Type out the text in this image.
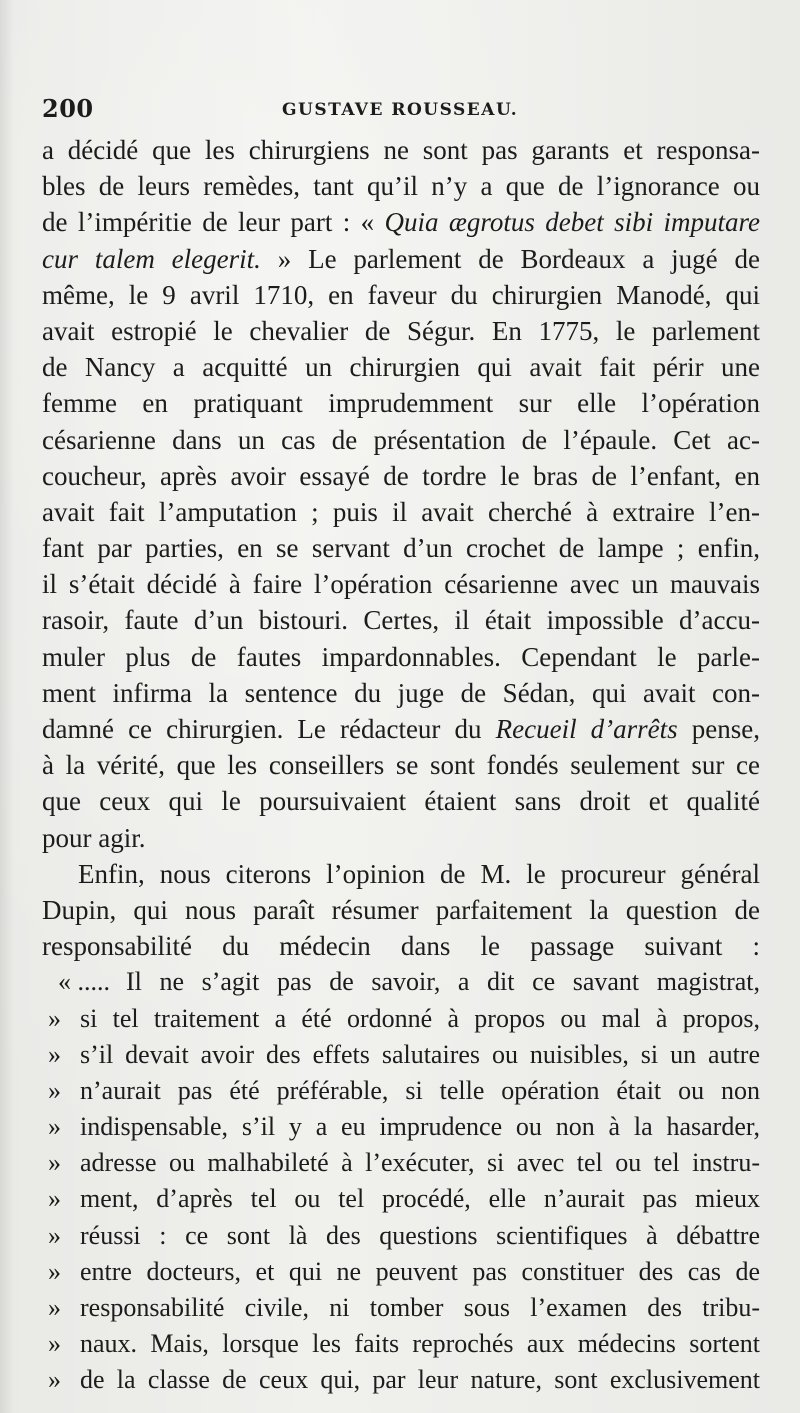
200	GUSTAVE ROUSSEAU.
a décidé que les chirurgiens ne sont pas garants et responsa-
bles de leurs remèdes, tant qu’il n’y a que de l’ignorance ou
de l’impéritie de leur part : « Quia ægrotus debet sibi imputare
cur talem elegerit. » Le parlement de Bordeaux a jugé de
même, le 9 avril 1710, en faveur du chirurgien Manodé, qui
avait estropié le chevalier de Ségur. En 1775, le parlement
de Nancy a acquitté un chirurgien qui avait fait périr une
femme en pratiquant imprudemment sur elle l’opération
césarienne dans un cas de présentation de l’épaule. Cet ac-
coucheur, après avoir essayé de tordre le bras de l’enfant, en
avait fait l’amputation ; puis il avait cherché à extraire l’en-
fant par parties, en se servant d’un crochet de lampe ; enfin,
il s’était décidé à faire l’opération césarienne avec un mauvais
rasoir, faute d’un bistouri. Certes, il était impossible d’accu-
muler plus de fautes impardonnables. Cependant le parle-
ment infirma la sentence du juge de Sédan, qui avait con-
damné ce chirurgien. Le rédacteur du Recueil d’arrêts pense,
à la vérité, que les conseillers se sont fondés seulement sur ce
que ceux qui le poursuivaient étaient sans droit et qualité
pour agir.
Enfin, nous citerons l’opinion de M. le procureur général
Dupin, qui nous paraît résumer parfaitement la question de
responsabilité du médecin dans le passage suivant :
« ..... Il ne s’agit pas de savoir, a dit ce savant magistrat,
» si tel traitement a été ordonné à propos ou mal à propos,
» s’il devait avoir des effets salutaires ou nuisibles, si un autre
» n’aurait pas été préférable, si telle opération était ou non
» indispensable, s’il y a eu imprudence ou non à la hasarder,
» adresse ou malhabileté à l’exécuter, si avec tel ou tel instru-
» ment, d’après tel ou tel procédé, elle n’aurait pas mieux
» réussi : ce sont là des questions scientifiques à débattre
» entre docteurs, et qui ne peuvent pas constituer des cas de
» responsabilité civile, ni tomber sous l’examen des tribu-
» naux. Mais, lorsque les faits reprochés aux médecins sortent
» de la classe de ceux qui, par leur nature, sont exclusivement
